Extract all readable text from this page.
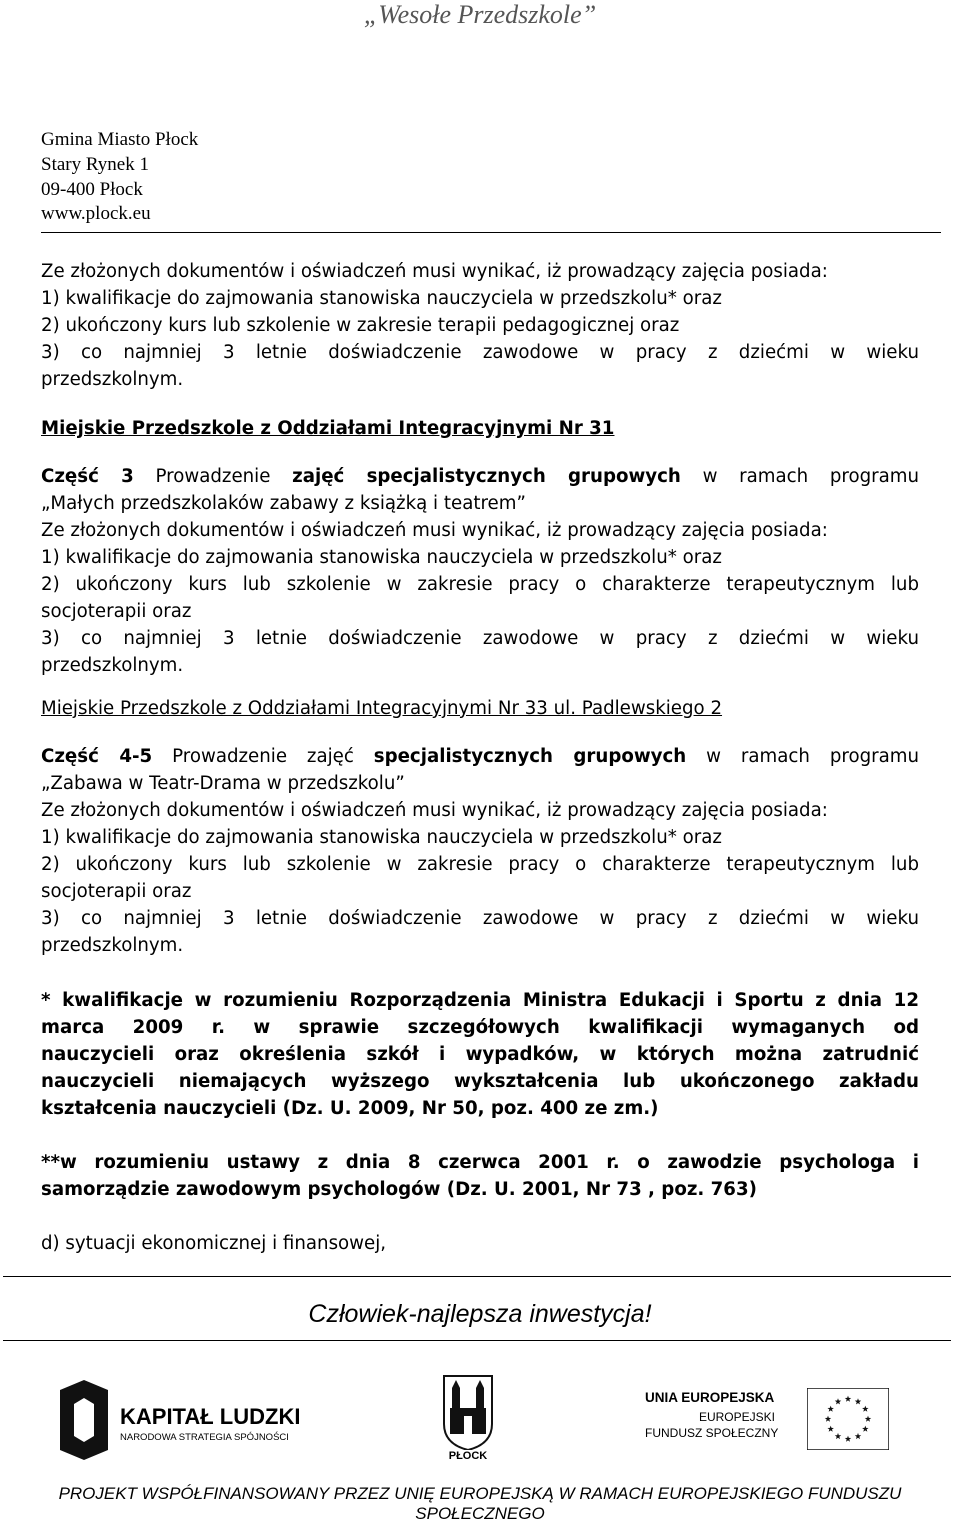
„Wesołe Przedszkole”
Gmina Miasto Płock
Stary Rynek 1
09-400 Płock
www.plock.eu
Ze złożonych dokumentów i oświadczeń musi wynikać, iż prowadzący zajęcia posiada:
1) kwalifikacje do zajmowania stanowiska nauczyciela w przedszkolu* oraz
2) ukończony kurs lub szkolenie w zakresie terapii pedagogicznej oraz
3) co najmniej 3 letnie doświadczenie zawodowe w pracy z dziećmi w wieku
przedszkolnym.
Miejskie Przedszkole z Oddziałami Integracyjnymi Nr 31
Część 3 Prowadzenie zajęć specjalistycznych grupowych w ramach programu
„Małych przedszkolaków zabawy z książką i teatrem”
Ze złożonych dokumentów i oświadczeń musi wynikać, iż prowadzący zajęcia posiada:
1) kwalifikacje do zajmowania stanowiska nauczyciela w przedszkolu* oraz
2) ukończony kurs lub szkolenie w zakresie pracy o charakterze terapeutycznym lub
socjoterapii oraz
3) co najmniej 3 letnie doświadczenie zawodowe w pracy z dziećmi w wieku
przedszkolnym.
Miejskie Przedszkole z Oddziałami Integracyjnymi Nr 33 ul. Padlewskiego 2
Część 4-5 Prowadzenie zajęć specjalistycznych grupowych w ramach programu
„Zabawa w Teatr-Drama w przedszkolu”
Ze złożonych dokumentów i oświadczeń musi wynikać, iż prowadzący zajęcia posiada:
1) kwalifikacje do zajmowania stanowiska nauczyciela w przedszkolu* oraz
2) ukończony kurs lub szkolenie w zakresie pracy o charakterze terapeutycznym lub
socjoterapii oraz
3) co najmniej 3 letnie doświadczenie zawodowe w pracy z dziećmi w wieku
przedszkolnym.
* kwalifikacje w rozumieniu Rozporządzenia Ministra Edukacji i Sportu z dnia 12
marca 2009 r. w sprawie szczegółowych kwalifikacji wymaganych od
nauczycieli oraz określenia szkół i wypadków, w których można zatrudnić
nauczycieli niemających wyższego wykształcenia lub ukończonego zakładu
kształcenia nauczycieli (Dz. U. 2009, Nr 50, poz. 400 ze zm.)
**w rozumieniu ustawy z dnia 8 czerwca 2001 r. o zawodzie psychologa i
samorządzie zawodowym psychologów (Dz. U. 2001, Nr 73 , poz. 763)
d) sytuacji ekonomicznej i finansowej,
Człowiek-najlepsza inwestycja!
KAPITAŁ LUDZKI
NARODOWA STRATEGIA SPÓJNOŚCI
PŁOCK
UNIA EUROPEJSKA
EUROPEJSKI
FUNDUSZ SPOŁECZNY
PROJEKT WSPÓŁFINANSOWANY PRZEZ UNIĘ EUROPEJSKĄ W RAMACH EUROPEJSKIEGO FUNDUSZU
SPOŁECZNEGO
